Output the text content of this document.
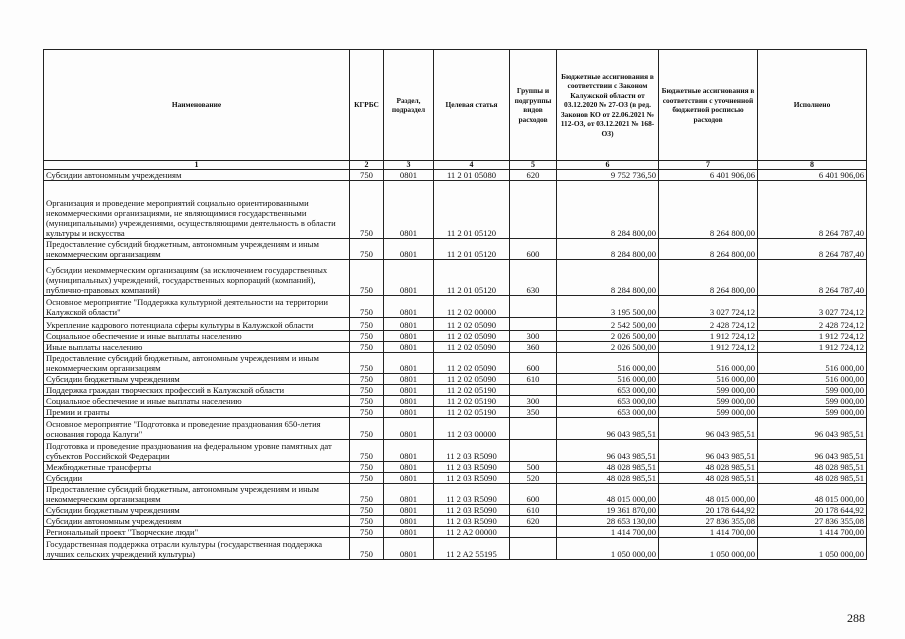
Наименование	КГРБС	Раздел, подраздел	Целевая статья	Группы и подгруппы видов расходов	Бюджетные ассигнования в соответствии с Законом Калужской области от 03.12.2020 № 27-ОЗ (в ред. Законов КО от 22.06.2021 № 112-ОЗ, от 03.12.2021 № 168-ОЗ)	Бюджетные ассигнования в соответствии с уточненной бюджетной росписью расходов	Исполнено
1	2	3	4	5	6	7	8
Субсидии автономным учреждениям	750	0801	11 2 01 05080	620	9 752 736,50	6 401 906,06	6 401 906,06
Организация и проведение мероприятий социально ориентированными некоммерческими организациями, не являющимися государственными (муниципальными) учреждениями, осуществляющими деятельность в области культуры и искусства	750	0801	11 2 01 05120		8 284 800,00	8 264 800,00	8 264 787,40
Предоставление субсидий бюджетным, автономным учреждениям и иным некоммерческим организациям	750	0801	11 2 01 05120	600	8 284 800,00	8 264 800,00	8 264 787,40
Субсидии некоммерческим организациям (за исключением государственных (муниципальных) учреждений, государственных корпораций (компаний), публично-правовых компаний)	750	0801	11 2 01 05120	630	8 284 800,00	8 264 800,00	8 264 787,40
Основное мероприятие "Поддержка культурной деятельности на территории Калужской области"	750	0801	11 2 02 00000		3 195 500,00	3 027 724,12	3 027 724,12
Укрепление кадрового потенциала сферы культуры в Калужской области	750	0801	11 2 02 05090		2 542 500,00	2 428 724,12	2 428 724,12
Социальное обеспечение и иные выплаты населению	750	0801	11 2 02 05090	300	2 026 500,00	1 912 724,12	1 912 724,12
Иные выплаты населению	750	0801	11 2 02 05090	360	2 026 500,00	1 912 724,12	1 912 724,12
Предоставление субсидий бюджетным, автономным учреждениям и иным некоммерческим организациям	750	0801	11 2 02 05090	600	516 000,00	516 000,00	516 000,00
Субсидии бюджетным учреждениям	750	0801	11 2 02 05090	610	516 000,00	516 000,00	516 000,00
Поддержка граждан творческих профессий в Калужской области	750	0801	11 2 02 05190		653 000,00	599 000,00	599 000,00
Социальное обеспечение и иные выплаты населению	750	0801	11 2 02 05190	300	653 000,00	599 000,00	599 000,00
Премии и гранты	750	0801	11 2 02 05190	350	653 000,00	599 000,00	599 000,00
Основное мероприятие "Подготовка и проведение празднования 650-летия основания города Калуги"	750	0801	11 2 03 00000		96 043 985,51	96 043 985,51	96 043 985,51
Подготовка и проведение празднования на федеральном уровне памятных дат субъектов Российской Федерации	750	0801	11 2 03 R5090		96 043 985,51	96 043 985,51	96 043 985,51
Межбюджетные трансферты	750	0801	11 2 03 R5090	500	48 028 985,51	48 028 985,51	48 028 985,51
Субсидии	750	0801	11 2 03 R5090	520	48 028 985,51	48 028 985,51	48 028 985,51
Предоставление субсидий бюджетным, автономным учреждениям и иным некоммерческим организациям	750	0801	11 2 03 R5090	600	48 015 000,00	48 015 000,00	48 015 000,00
Субсидии бюджетным учреждениям	750	0801	11 2 03 R5090	610	19 361 870,00	20 178 644,92	20 178 644,92
Субсидии автономным учреждениям	750	0801	11 2 03 R5090	620	28 653 130,00	27 836 355,08	27 836 355,08
Региональный проект "Творческие люди"	750	0801	11 2 A2 00000		1 414 700,00	1 414 700,00	1 414 700,00
Государственная поддержка отрасли культуры (государственная поддержка лучших сельских учреждений культуры)	750	0801	11 2 A2 55195		1 050 000,00	1 050 000,00	1 050 000,00
288
